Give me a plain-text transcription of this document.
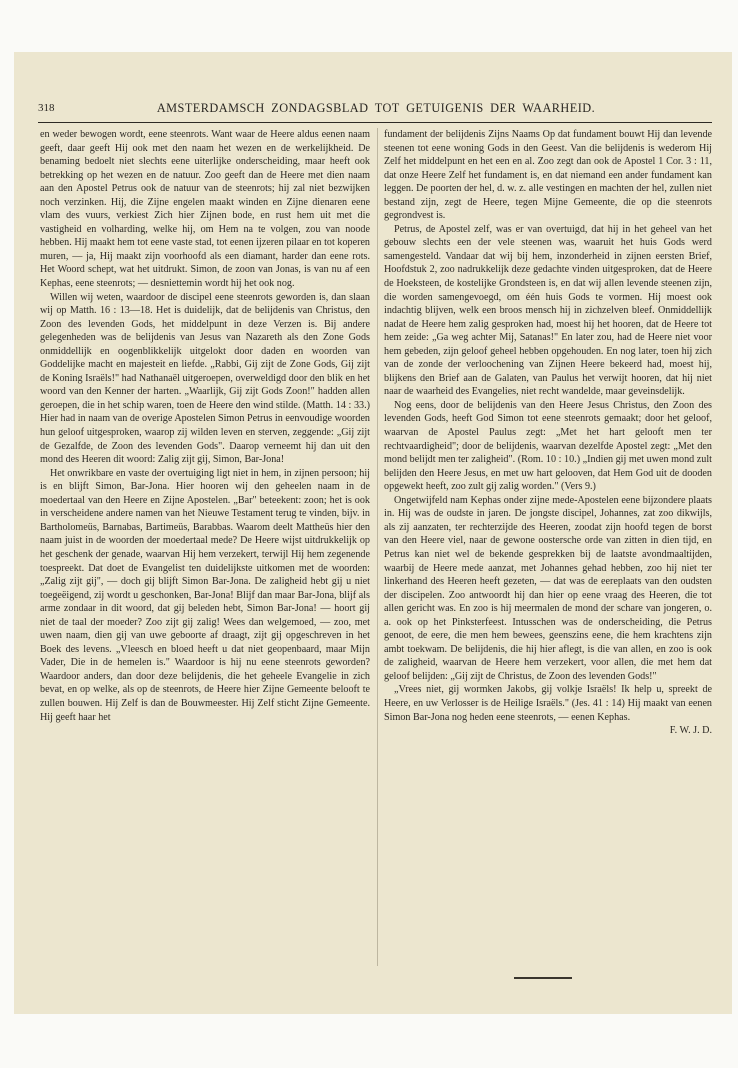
318	AMSTERDAMSCH ZONDAGSBLAD TOT GETUIGENIS DER WAARHEID.

en weder bewogen wordt, eene steenrots. Want waar de Heere aldus eenen naam geeft, daar geeft Hij ook met den naam het wezen en de werkelijkheid. De benaming bedoelt niet slechts eene uiterlijke onderscheiding, maar heeft ook betrekking op het wezen en de natuur. Zoo geeft dan de Heere met dien naam aan den Apostel Petrus ook de natuur van de steenrots; hij zal niet bezwijken noch verzinken. Hij, die Zijne engelen maakt winden en Zijne dienaren eene vlam des vuurs, verkiest Zich hier Zijnen bode, en rust hem uit met die vastigheid en volharding, welke hij, om Hem na te volgen, zou van noode hebben. Hij maakt hem tot eene vaste stad, tot eenen ijzeren pilaar en tot koperen muren, — ja, Hij maakt zijn voorhoofd als een diamant, harder dan eene rots. Het Woord schept, wat het uitdrukt. Simon, de zoon van Jonas, is van nu af een Kephas, eene steenrots; — desniettemin wordt hij het ook nog.

Willen wij weten, waardoor de discipel eene steenrots geworden is, dan slaan wij op Matth. 16 : 13—18. Het is duidelijk, dat de belijdenis van Christus, den Zoon des levenden Gods, het middelpunt in deze Verzen is. Bij andere gelegenheden was de belijdenis van Jesus van Nazareth als den Zone Gods onmiddellijk en oogenblikkelijk uitgelokt door daden en woorden van Goddelijke macht en majesteit en liefde. „Rabbi, Gij zijt de Zone Gods, Gij zijt de Koning Israëls!" had Nathanaël uitgeroepen, overweldigd door den blik en het woord van den Kenner der harten. „Waarlijk, Gij zijt Gods Zoon!" hadden allen geroepen, die in het schip waren, toen de Heere den wind stilde. (Matth. 14 : 33.) Hier had in naam van de overige Apostelen Simon Petrus in eenvoudige woorden hun geloof uitgesproken, waarop zij wilden leven en sterven, zeggende: „Gij zijt de Gezalfde, de Zoon des levenden Gods". Daarop verneemt hij dan uit den mond des Heeren dit woord: Zalig zijt gij, Simon, Bar-Jona!

Het onwrikbare en vaste der overtuiging ligt niet in hem, in zijnen persoon; hij is en blijft Simon, Bar-Jona. Hier hooren wij den geheelen naam in de moedertaal van den Heere en Zijne Apostelen. „Bar" beteekent: zoon; het is ook in verscheidene andere namen van het Nieuwe Testament terug te vinden, bijv. in Bartholomeüs, Barnabas, Bartimeüs, Barabbas. Waarom deelt Mattheüs hier den naam juist in de woorden der moedertaal mede? De Heere wijst uitdrukkelijk op het geschenk der genade, waarvan Hij hem verzekert, terwijl Hij hem zegenende toespreekt. Dat doet de Evangelist ten duidelijkste uitkomen met de woorden: „Zalig zijt gij", — doch gij blijft Simon Bar-Jona. De zaligheid hebt gij u niet toegeëigend, zij wordt u geschonken, Bar-Jona! Blijf dan maar Bar-Jona, blijf als arme zondaar in dit woord, dat gij beleden hebt, Simon Bar-Jona! — hoort gij niet de taal der moeder? Zoo zijt gij zalig! Wees dan welgemoed, — zoo, met uwen naam, dien gij van uwe geboorte af draagt, zijt gij opgeschreven in het Boek des levens. „Vleesch en bloed heeft u dat niet geopenbaard, maar Mijn Vader, Die in de hemelen is." Waardoor is hij nu eene steenrots geworden? Waardoor anders, dan door deze belijdenis, die het geheele Evangelie in zich bevat, en op welke, als op de steenrots, de Heere hier Zijne Gemeente belooft te zullen bouwen. Hij Zelf is dan de Bouwmeester. Hij Zelf sticht Zijne Gemeente. Hij geeft haar het

fundament der belijdenis Zijns Naams Op dat fundament bouwt Hij dan levende steenen tot eene woning Gods in den Geest. Van die belijdenis is wederom Hij Zelf het middelpunt en het een en al. Zoo zegt dan ook de Apostel 1 Cor. 3 : 11, dat onze Heere Zelf het fundament is, en dat niemand een ander fundament kan leggen. De poorten der hel, d. w. z. alle vestingen en machten der hel, zullen niet bestand zijn, zegt de Heere, tegen Mijne Gemeente, die op die steenrots gegrondvest is.

Petrus, de Apostel zelf, was er van overtuigd, dat hij in het geheel van het gebouw slechts een der vele steenen was, waaruit het huis Gods werd samengesteld. Vandaar dat wij bij hem, inzonderheid in zijnen eersten Brief, Hoofdstuk 2, zoo nadrukkelijk deze gedachte vinden uitgesproken, dat de Heere de Hoeksteen, de kostelijke Grondsteen is, en dat wij allen levende steenen zijn, die worden samengevoegd, om één huis Gods te vormen. Hij moest ook indachtig blijven, welk een broos mensch hij in zichzelven bleef. Onmiddellijk nadat de Heere hem zalig gesproken had, moest hij het hooren, dat de Heere tot hem zeide: „Ga weg achter Mij, Satanas!" En later zou, had de Heere niet voor hem gebeden, zijn geloof geheel hebben opgehouden. En nog later, toen hij zich van de zonde der verloochening van Zijnen Heere bekeerd had, moest hij, blijkens den Brief aan de Galaten, van Paulus het verwijt hooren, dat hij niet naar de waarheid des Evangelies, niet recht wandelde, maar geveinsdelijk.

Nog eens, door de belijdenis van den Heere Jesus Christus, den Zoon des levenden Gods, heeft God Simon tot eene steenrots gemaakt; door het geloof, waarvan de Apostel Paulus zegt: „Met het hart gelooft men ter rechtvaardigheid"; door de belijdenis, waarvan dezelfde Apostel zegt: „Met den mond belijdt men ter zaligheid". (Rom. 10 : 10.) „Indien gij met uwen mond zult belijden den Heere Jesus, en met uw hart gelooven, dat Hem God uit de dooden opgewekt heeft, zoo zult gij zalig worden." (Vers 9.)

Ongetwijfeld nam Kephas onder zijne mede-Apostelen eene bijzondere plaats in. Hij was de oudste in jaren. De jongste discipel, Johannes, zat zoo dikwijls, als zij aanzaten, ter rechterzijde des Heeren, zoodat zijn hoofd tegen de borst van den Heere viel, naar de gewone oostersche orde van zitten in dien tijd, en Petrus kan niet wel de bekende gesprekken bij de laatste avondmaaltijden, waarbij de Heere mede aanzat, met Johannes gehad hebben, zoo hij niet ter linkerhand des Heeren heeft gezeten, — dat was de eereplaats van den oudsten der discipelen. Zoo antwoordt hij dan hier op eene vraag des Heeren, die tot allen gericht was. En zoo is hij meermalen de mond der schare van jongeren, o. a. ook op het Pinksterfeest. Intusschen was de onderscheiding, die Petrus genoot, de eere, die men hem bewees, geenszins eene, die hem krachtens zijn ambt toekwam. De belijdenis, die hij hier aflegt, is die van allen, en zoo is ook de zaligheid, waarvan de Heere hem verzekert, voor allen, die met hem dat geloof belijden: „Gij zijt de Christus, de Zoon des levenden Gods!"

„Vrees niet, gij wormken Jakobs, gij volkje Israëls! Ik help u, spreekt de Heere, en uw Verlosser is de Heilige Israëls." (Jes. 41 : 14) Hij maakt van eenen Simon Bar-Jona nog heden eene steenrots, — eenen Kephas.

F. W. J. D.
